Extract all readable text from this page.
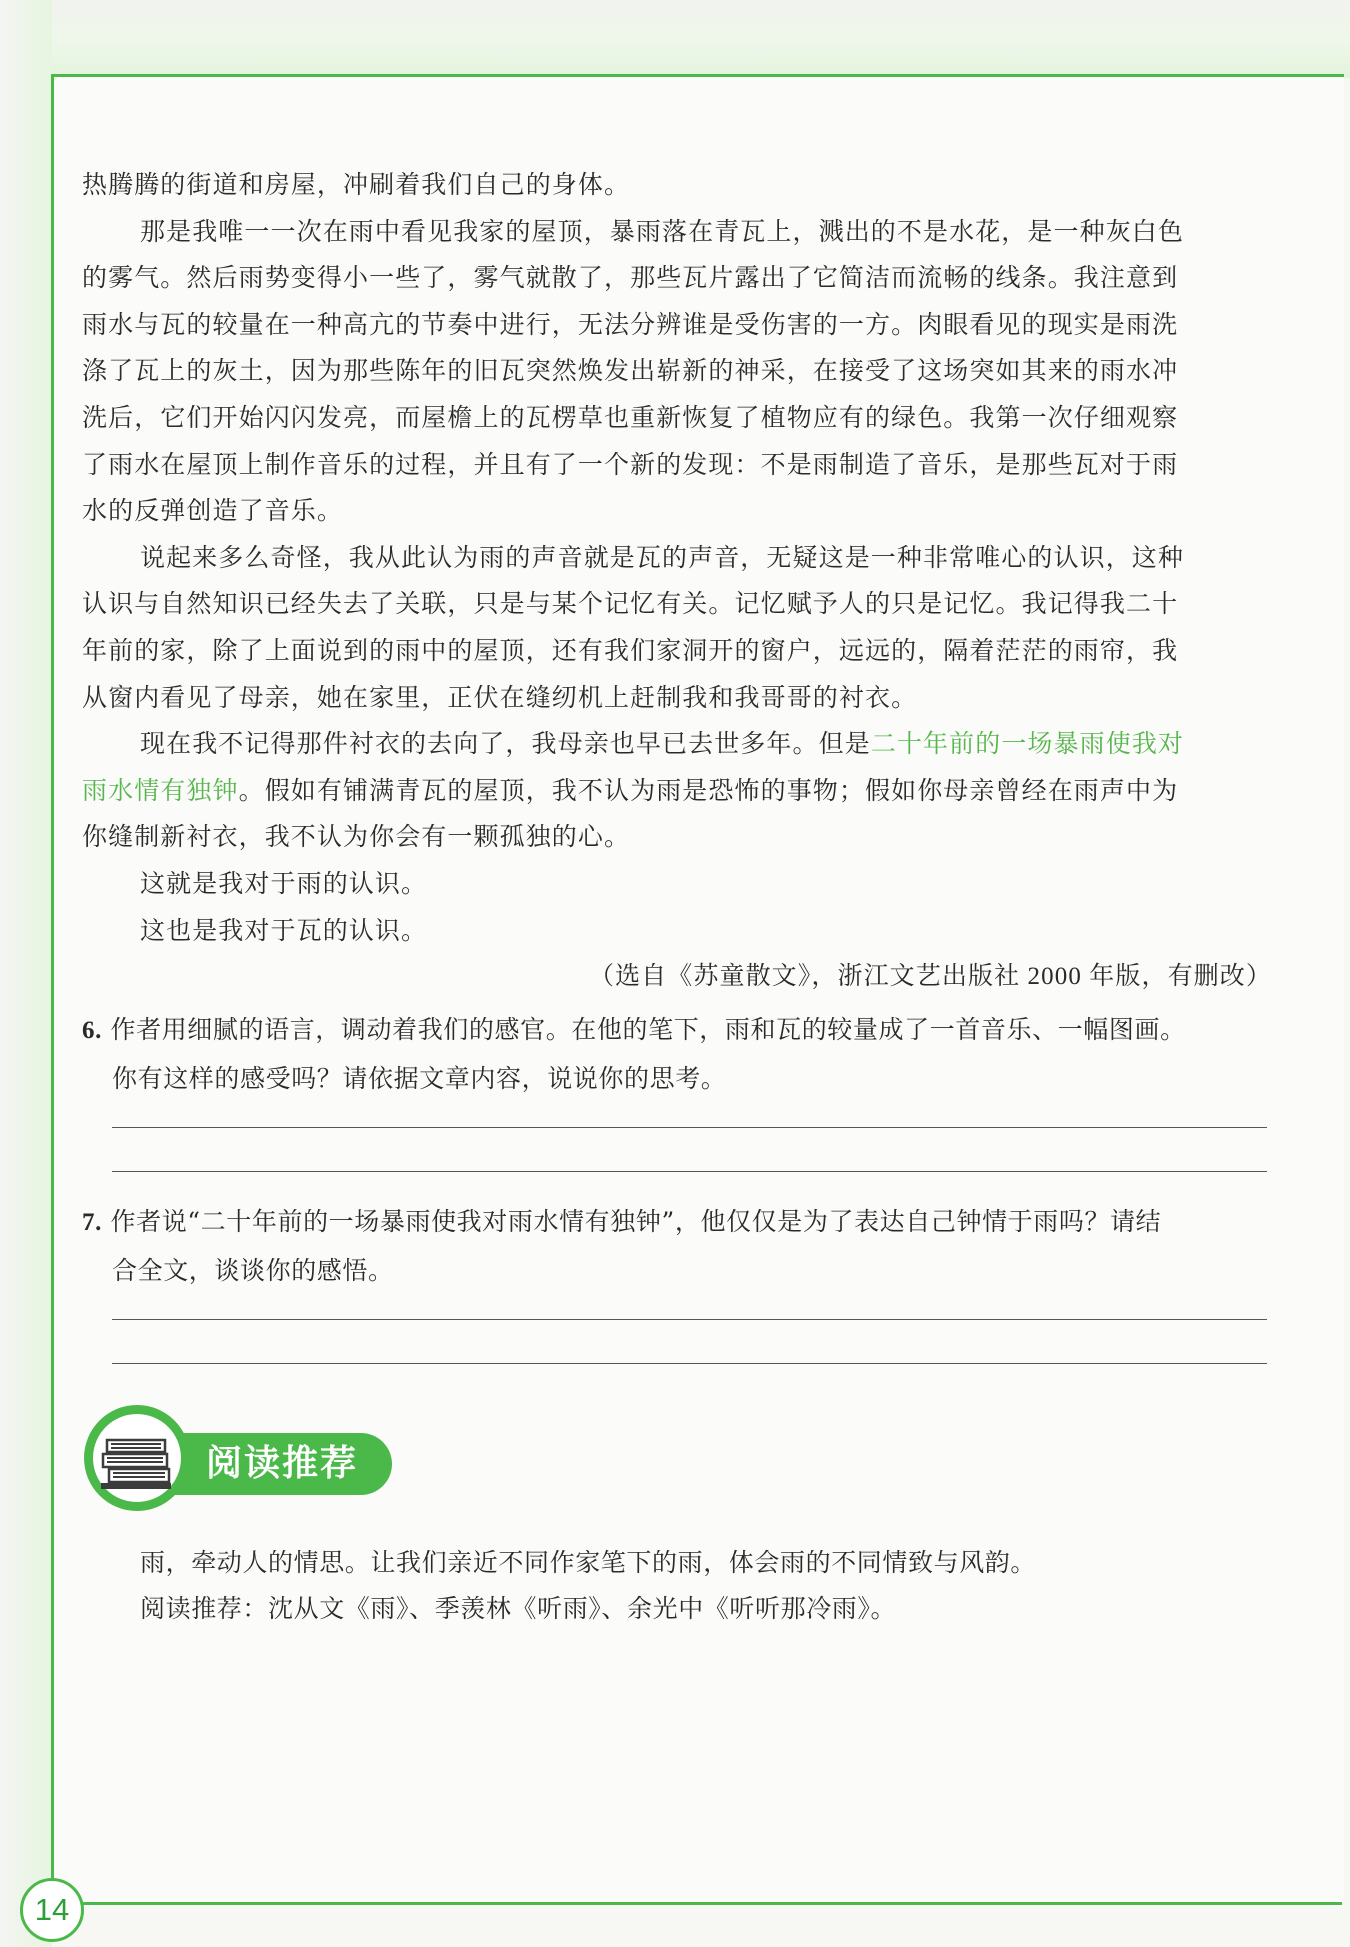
14

热腾腾的街道和房屋，冲刷着我们自己的身体。

那是我唯一一次在雨中看见我家的屋顶，暴雨落在青瓦上，溅出的不是水花，是一种灰白色

的雾气。然后雨势变得小一些了，雾气就散了，那些瓦片露出了它简洁而流畅的线条。我注意到

雨水与瓦的较量在一种高亢的节奏中进行，无法分辨谁是受伤害的一方。肉眼看见的现实是雨洗

涤了瓦上的灰土，因为那些陈年的旧瓦突然焕发出崭新的神采，在接受了这场突如其来的雨水冲

洗后，它们开始闪闪发亮，而屋檐上的瓦楞草也重新恢复了植物应有的绿色。我第一次仔细观察

了雨水在屋顶上制作音乐的过程，并且有了一个新的发现：不是雨制造了音乐，是那些瓦对于雨

水的反弹创造了音乐。

说起来多么奇怪，我从此认为雨的声音就是瓦的声音，无疑这是一种非常唯心的认识，这种

认识与自然知识已经失去了关联，只是与某个记忆有关。记忆赋予人的只是记忆。我记得我二十

年前的家，除了上面说到的雨中的屋顶，还有我们家洞开的窗户，远远的，隔着茫茫的雨帘，我

从窗内看见了母亲，她在家里，正伏在缝纫机上赶制我和我哥哥的衬衣。

现在我不记得那件衬衣的去向了，我母亲也早已去世多年。但是二十年前的一场暴雨使我对

雨水情有独钟。假如有铺满青瓦的屋顶，我不认为雨是恐怖的事物；假如你母亲曾经在雨声中为

你缝制新衬衣，我不认为你会有一颗孤独的心。

这就是我对于雨的认识。

这也是我对于瓦的认识。

（选自《苏童散文》，浙江文艺出版社 2000 年版，有删改）

6. 作者用细腻的语言，调动着我们的感官。在他的笔下，雨和瓦的较量成了一首音乐、一幅图画。
你有这样的感受吗？请依据文章内容，说说你的思考。
7. 作者说“二十年前的一场暴雨使我对雨水情有独钟”，他仅仅是为了表达自己钟情于雨吗？请结
合全文，谈谈你的感悟。
阅读推荐

雨，牵动人的情思。让我们亲近不同作家笔下的雨，体会雨的不同情致与风韵。

阅读推荐：沈从文《雨》、季羡林《听雨》、余光中《听听那冷雨》。
